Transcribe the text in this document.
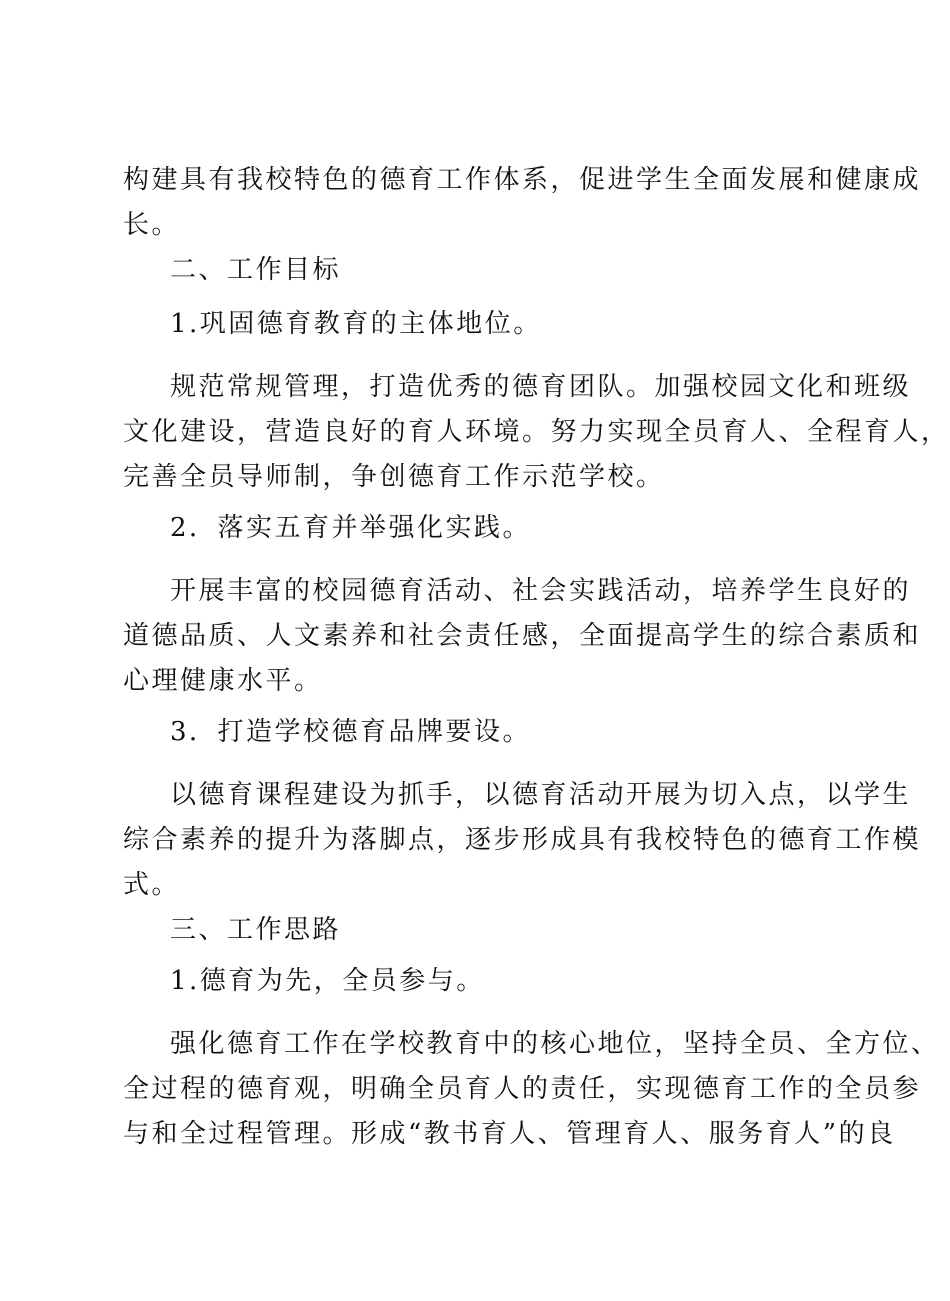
构建具有我校特色的德育工作体系，促进学生全面发展和健康成
长。
二、工作目标
1.巩固德育教育的主体地位。
规范常规管理，打造优秀的德育团队。加强校园文化和班级
文化建设，营造良好的育人环境。努力实现全员育人、全程育人，
完善全员导师制，争创德育工作示范学校。
2．落实五育并举强化实践。
开展丰富的校园德育活动、社会实践活动，培养学生良好的
道德品质、人文素养和社会责任感，全面提高学生的综合素质和
心理健康水平。
3．打造学校德育品牌要设。
以德育课程建设为抓手，以德育活动开展为切入点，以学生
综合素养的提升为落脚点，逐步形成具有我校特色的德育工作模
式。
三、工作思路
1.德育为先，全员参与。
强化德育工作在学校教育中的核心地位，坚持全员、全方位、
全过程的德育观，明确全员育人的责任，实现德育工作的全员参
与和全过程管理。形成“教书育人、管理育人、服务育人”的良
